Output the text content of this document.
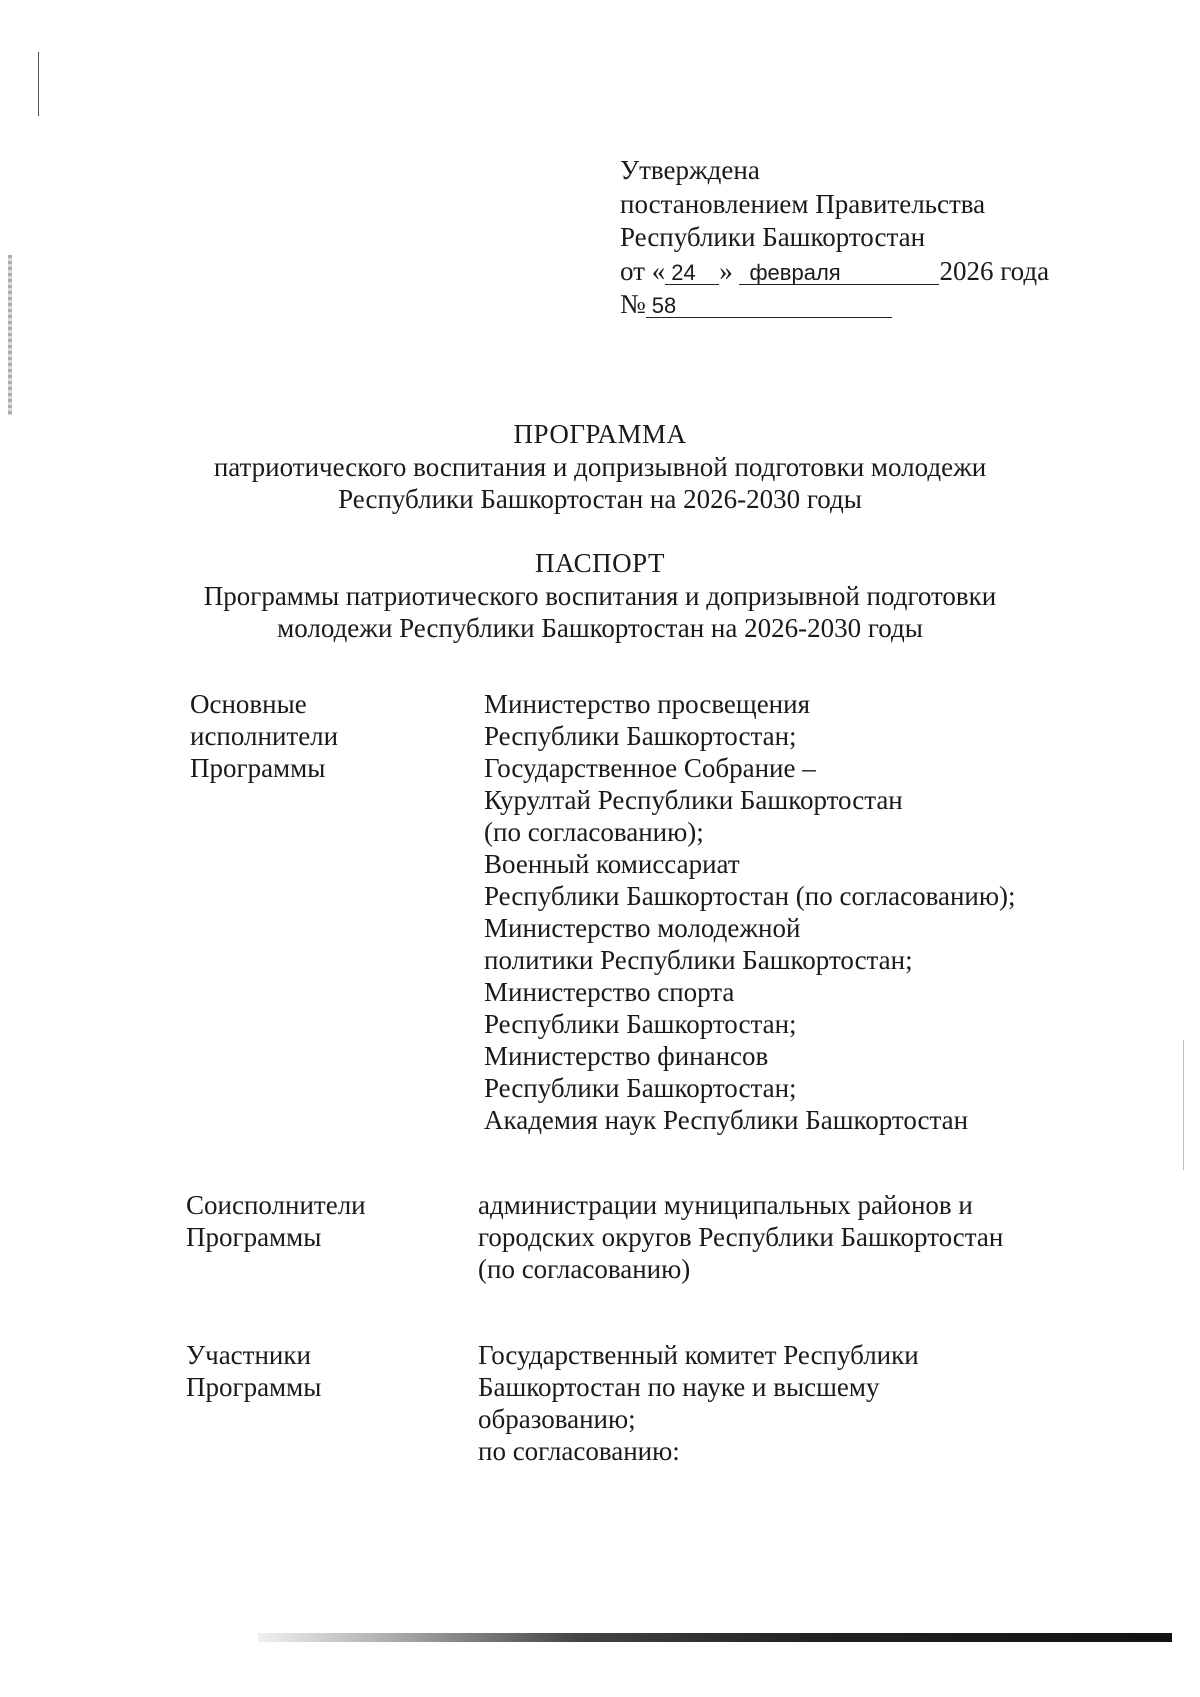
Утверждена
постановлением Правительства
Республики Башкортостан
от « 24 » февраля	2026 года
№ 58
ПРОГРАММА
патриотического воспитания и допризывной подготовки молодежи
Республики Башкортостан на 2026-2030 годы
ПАСПОРТ
Программы патриотического воспитания и допризывной подготовки
молодежи Республики Башкортостан на 2026-2030 годы
Основные
исполнители
Программы
Министерство просвещения
Республики Башкортостан;
Государственное Собрание –
Курултай Республики Башкортостан
(по согласованию);
Военный комиссариат
Республики Башкортостан (по согласованию);
Министерство молодежной
политики Республики Башкортостан;
Министерство спорта
Республики Башкортостан;
Министерство финансов
Республики Башкортостан;
Академия наук Республики Башкортостан
Соисполнители
Программы
администрации муниципальных районов и
городских округов Республики Башкортостан
(по согласованию)
Участники
Программы
Государственный комитет Республики
Башкортостан по науке и высшему
образованию;
по согласованию:
